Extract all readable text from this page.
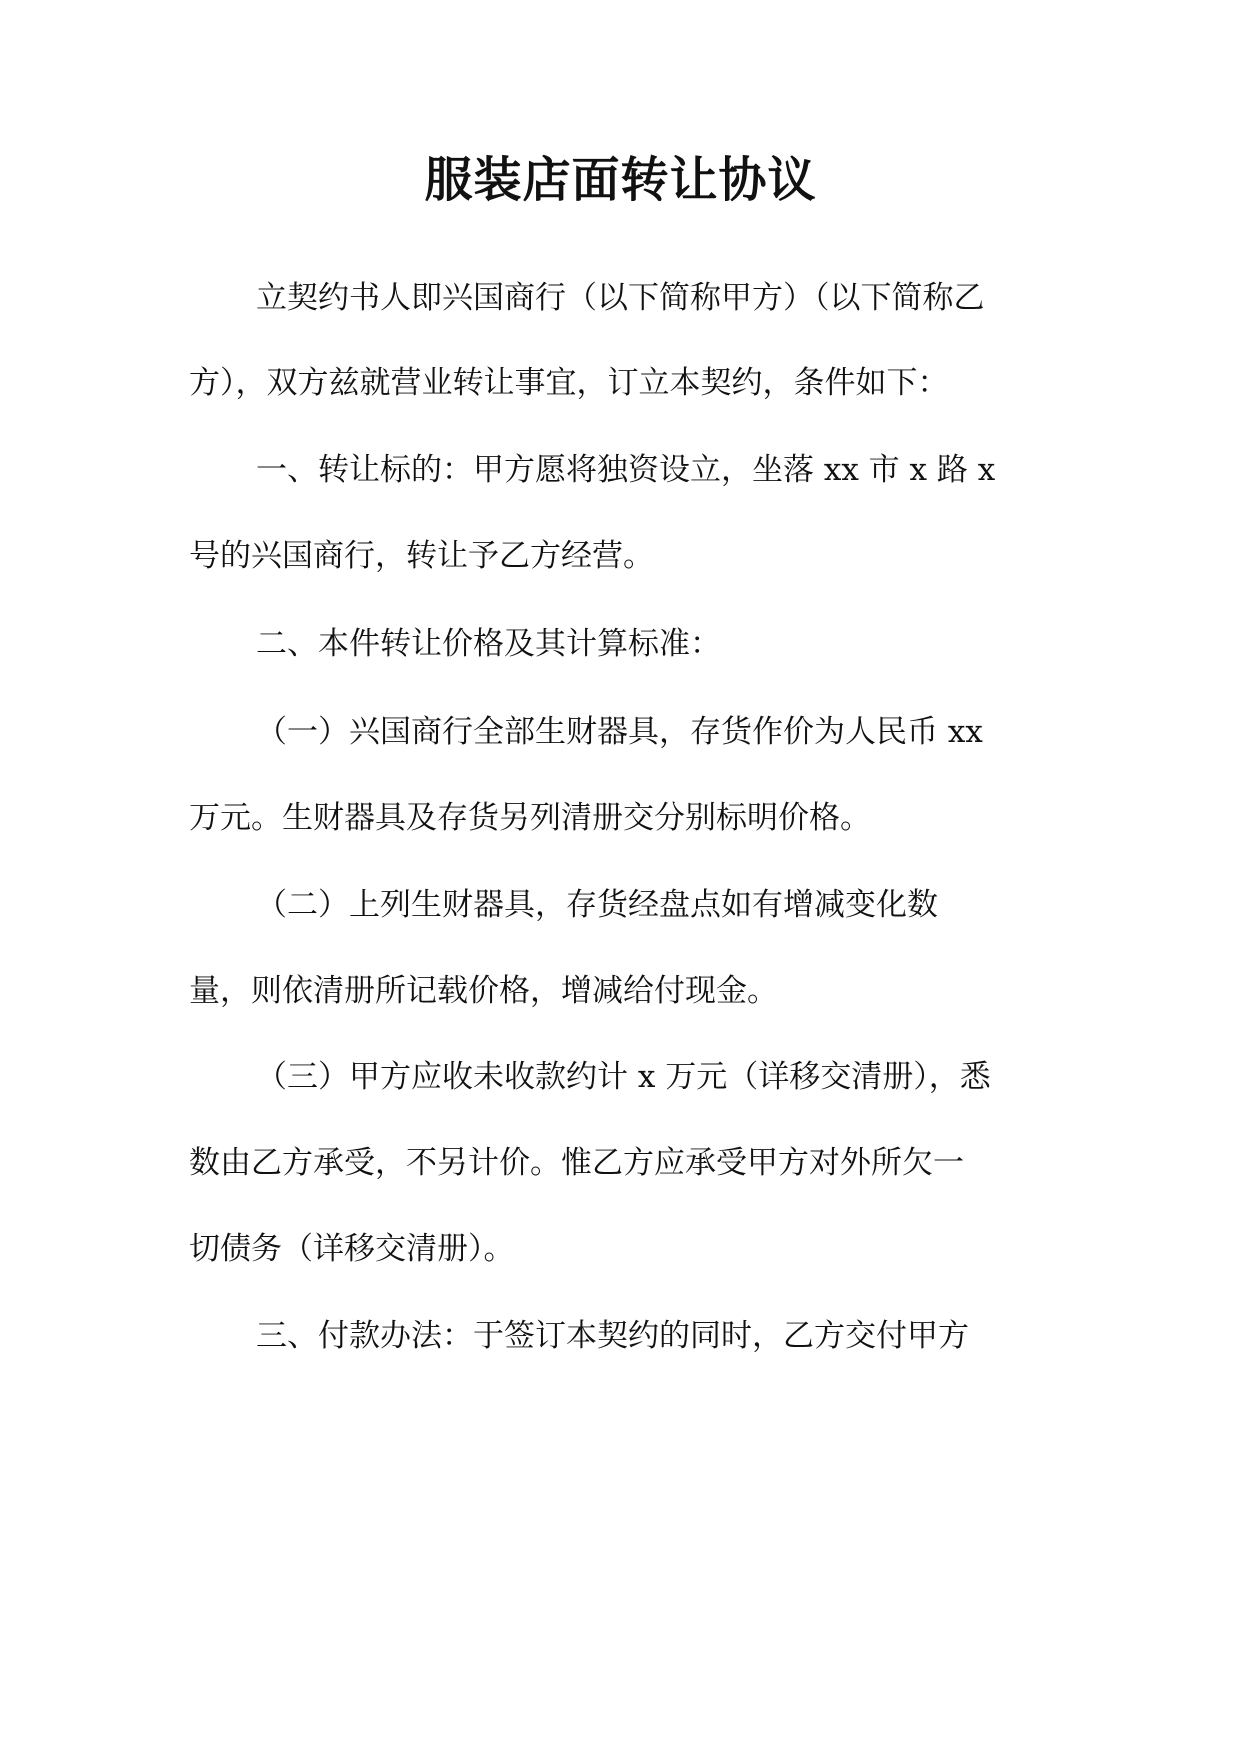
服装店面转让协议

立契约书人即兴国商行（以下简称甲方）（以下简称乙

方），双方兹就营业转让事宜，订立本契约，条件如下：

一、转让标的：甲方愿将独资设立，坐落 xx 市 x 路 x

号的兴国商行，转让予乙方经营。

二、本件转让价格及其计算标准：

（一）兴国商行全部生财器具，存货作价为人民币 xx

万元。生财器具及存货另列清册交分别标明价格。

（二）上列生财器具，存货经盘点如有增减变化数

量，则依清册所记载价格，增减给付现金。

（三）甲方应收未收款约计 x 万元（详移交清册），悉

数由乙方承受，不另计价。惟乙方应承受甲方对外所欠一

切债务（详移交清册）。

三、付款办法：于签订本契约的同时，乙方交付甲方
